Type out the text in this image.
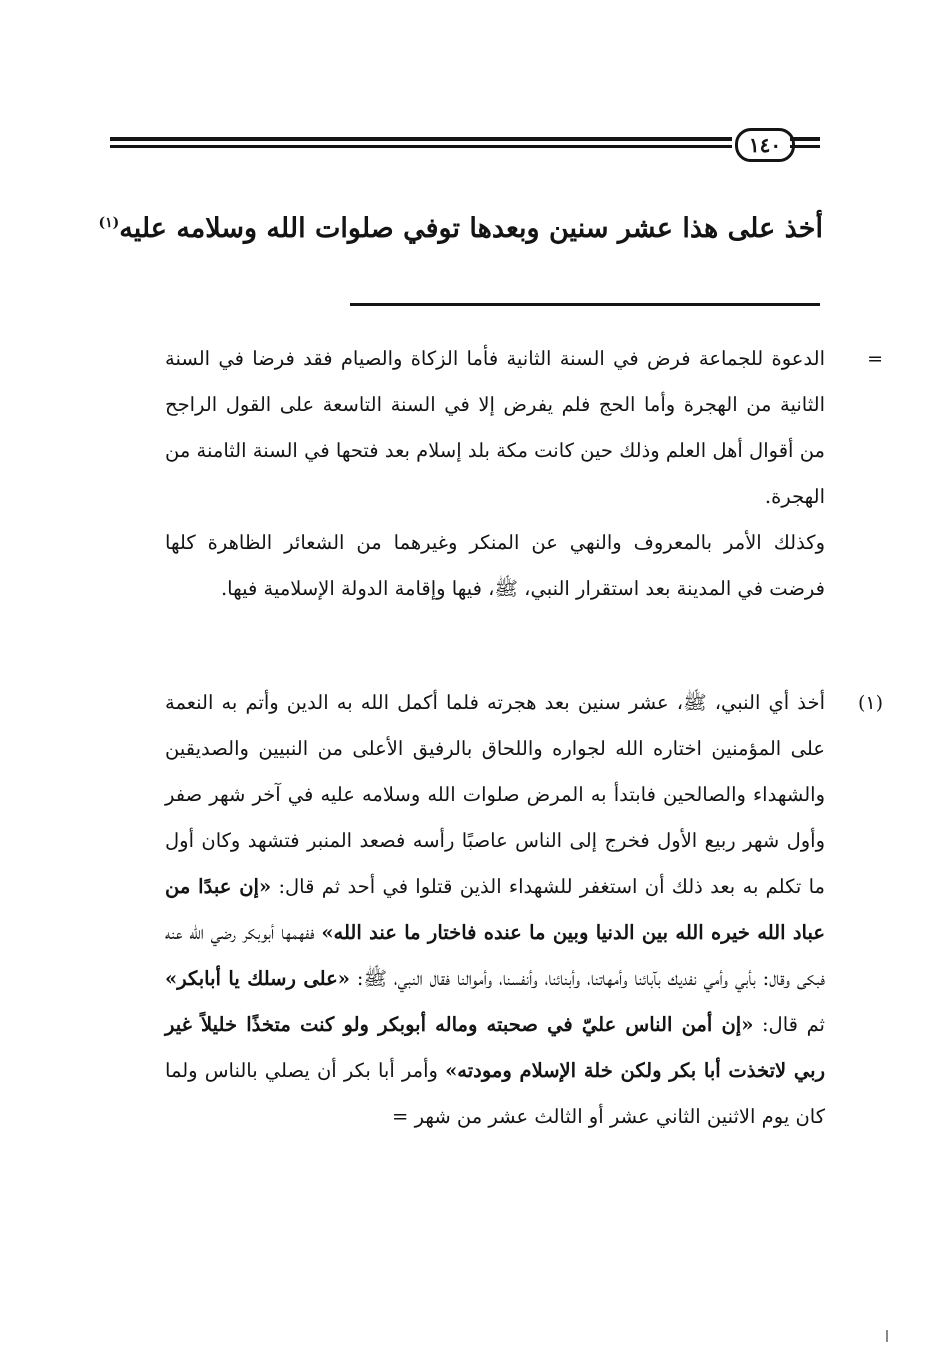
١٤٠
أخذ على هذا عشر سنين وبعدها توفي صلوات الله وسلامه عليه$^{(١)}$
=

الدعوة للجماعة فرض في السنة الثانية فأما الزكاة والصيام فقد فرضا في السنة الثانية من الهجرة وأما الحج فلم يفرض إلا في السنة التاسعة على القول الراجح من أقوال أهل العلم وذلك حين كانت مكة بلد إسلام بعد فتحها في السنة الثامنة من الهجرة.

وكذلك الأمر بالمعروف والنهي عن المنكر وغيرهما من الشعائر الظاهرة كلها فرضت في المدينة بعد استقرار النبي، ﷺ، فيها وإقامة الدولة الإسلامية فيها.

(١)

أخذ أي النبي، ﷺ، عشر سنين بعد هجرته فلما أكمل الله به الدين وأتم به النعمة على المؤمنين اختاره الله لجواره واللحاق بالرفيق الأعلى من النبيين والصديقين والشهداء والصالحين فابتدأ به المرض صلوات الله وسلامه عليه في آخر شهر صفر وأول شهر ربيع الأول فخرج إلى الناس عاصبًا رأسه فصعد المنبر فتشهد وكان أول ما تكلم به بعد ذلك أن استغفر للشهداء الذين قتلوا في أحد ثم قال: «إن عبدًا من عباد الله خيره الله بين الدنيا وبين ما عنده فاختار ما عند الله» ففهمها أبوبكر رضي الله عنه فبكى وقال: بأبي وأمي نفديك بآبائنا وأمهاتنا، وأبنائنا، وأنفسنا، وأموالنا فقال النبي، ﷺ: «على رسلك يا أبابكر» ثم قال: «إن أمن الناس عليّ في صحبته وماله أبوبكر ولو كنت متخذًا خليلاً غير ربي لاتخذت أبا بكر ولكن خلة الإسلام ومودته» وأمر أبا بكر أن يصلي بالناس ولما كان يوم الاثنين الثاني عشر أو الثالث عشر من شهر =
